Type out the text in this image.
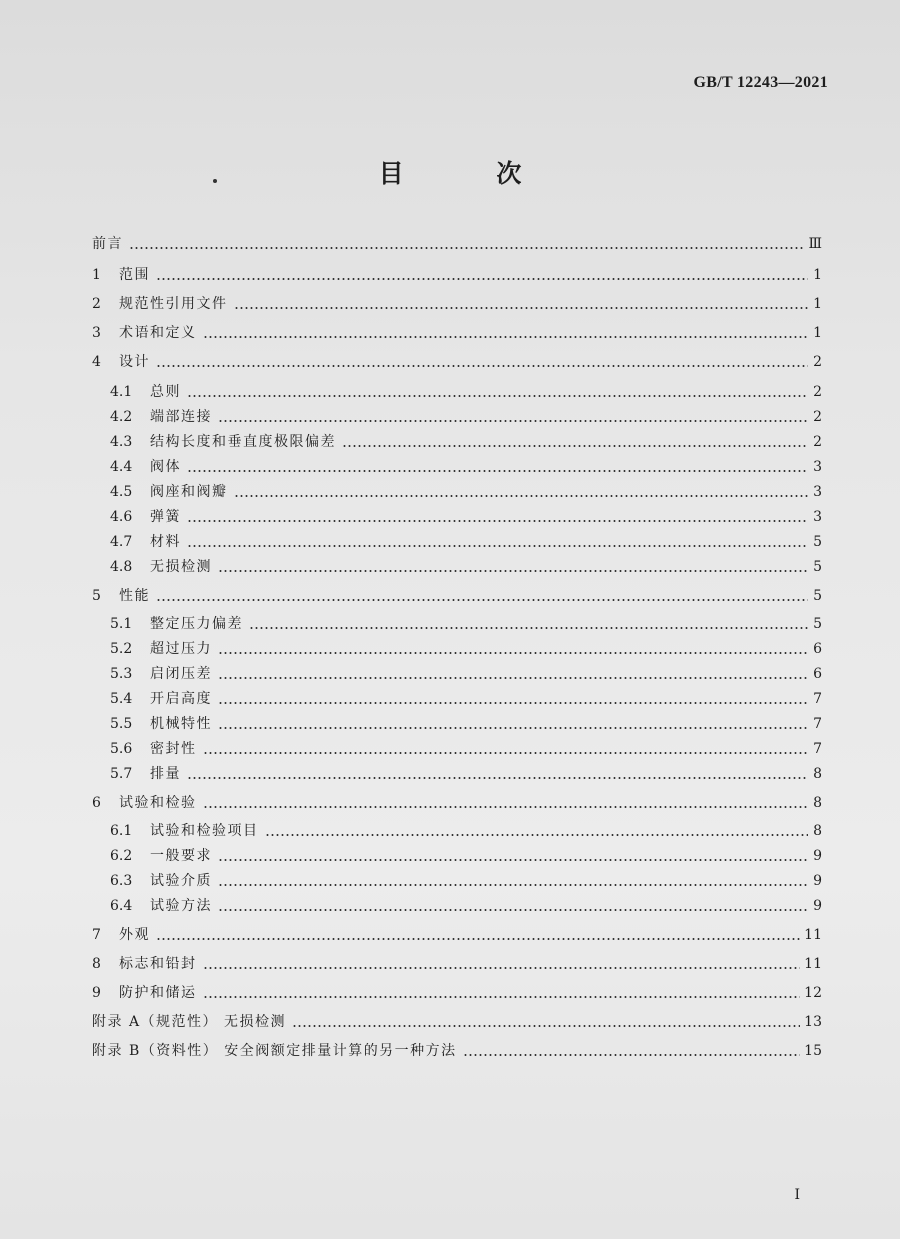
GB/T 12243—2021
目 次
前言	Ⅲ
1	范围	1
2	规范性引用文件	1
3	术语和定义	1
4	设计	2
4.1	总则	2
4.2	端部连接	2
4.3	结构长度和垂直度极限偏差	2
4.4	阀体	3
4.5	阀座和阀瓣	3
4.6	弹簧	3
4.7	材料	5
4.8	无损检测	5
5	性能	5
5.1	整定压力偏差	5
5.2	超过压力	6
5.3	启闭压差	6
5.4	开启高度	7
5.5	机械特性	7
5.6	密封性	7
5.7	排量	8
6	试验和检验	8
6.1	试验和检验项目	8
6.2	一般要求	9
6.3	试验介质	9
6.4	试验方法	9
7	外观	11
8	标志和铅封	11
9	防护和储运	12
附录 A（规范性） 无损检测	13
附录 B（资料性） 安全阀额定排量计算的另一种方法	15
I
